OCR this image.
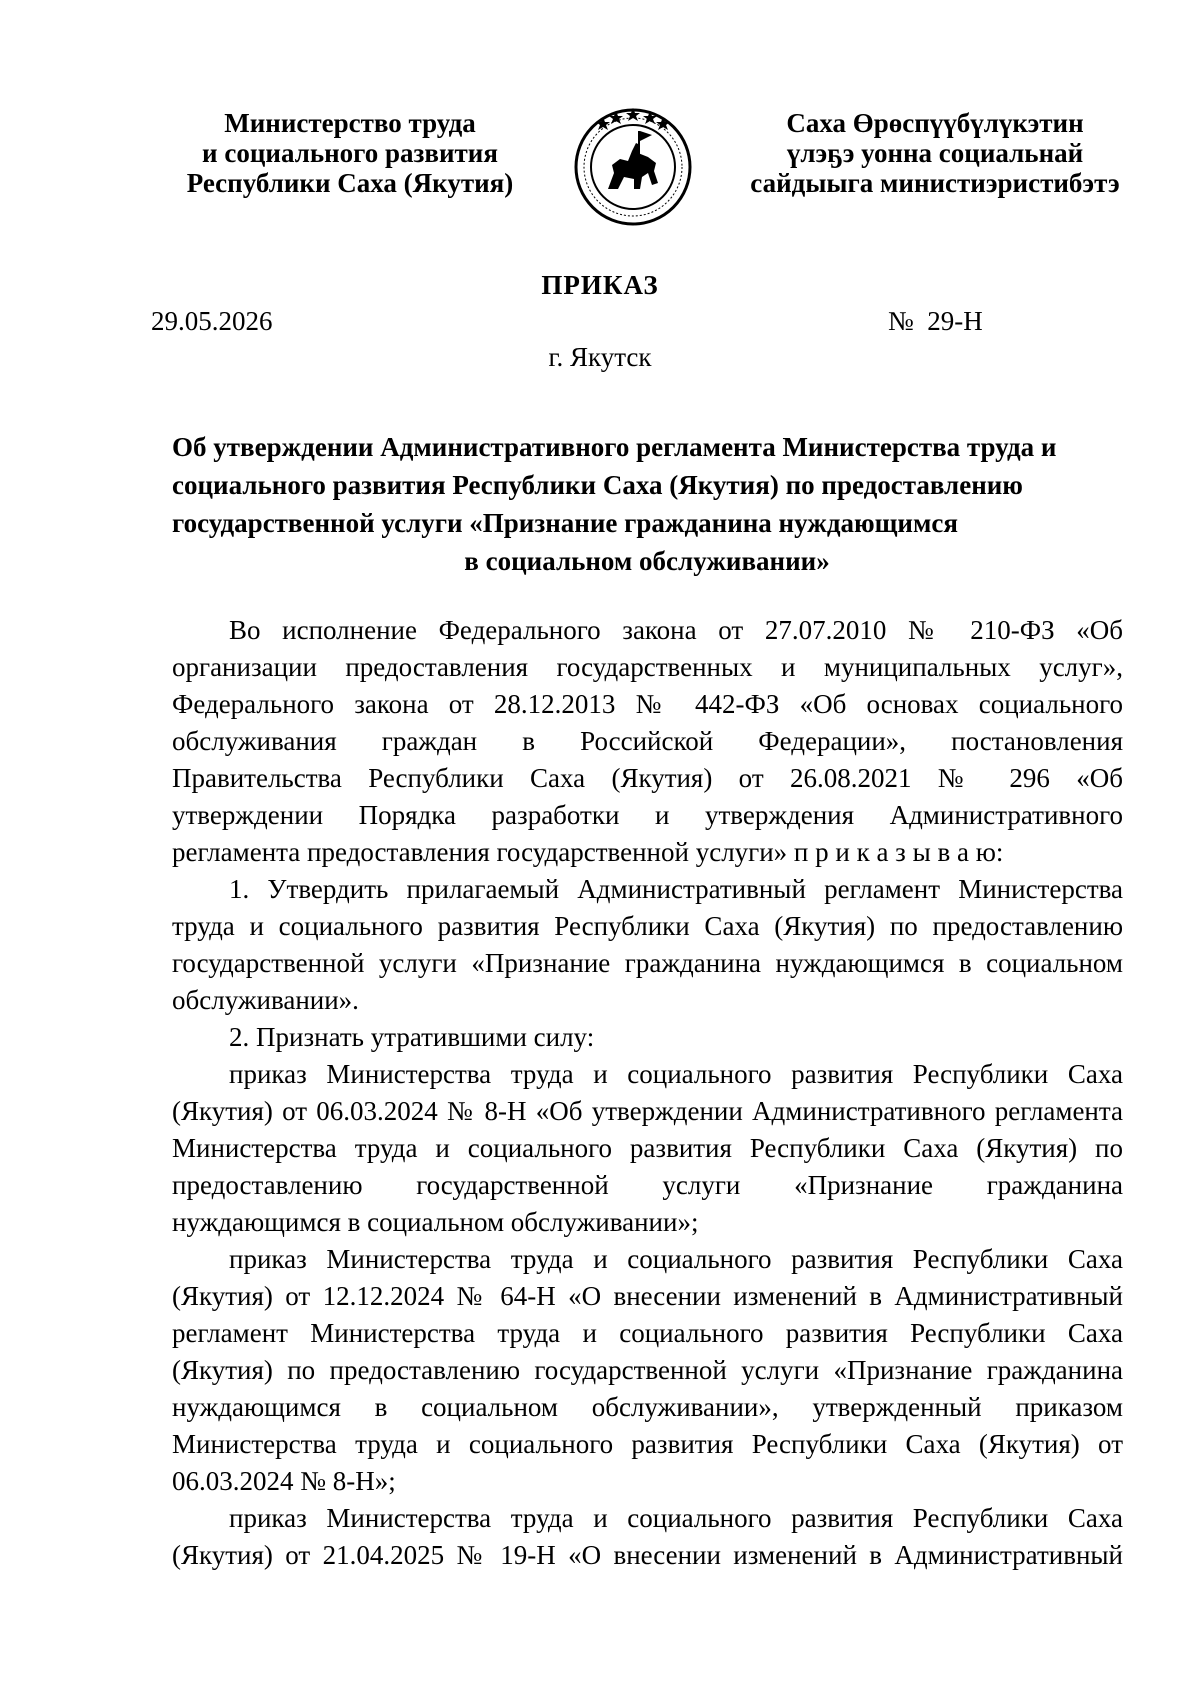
Министерство труда
и социального развития
Республики Саха (Якутия)
Саха Өрөспүүбүлүкэтин
үлэҕэ уонна социальнай
сайдыыга министиэристибэтэ
ПРИКАЗ
29.05.2026	№  29-Н
г. Якутск
Об утверждении Административного регламента Министерства труда и
социального развития Республики Саха (Якутия) по предоставлению
государственной услуги «Признание гражданина нуждающимся
в социальном обслуживании»
Во исполнение Федерального закона от 27.07.2010 № 210-ФЗ «Об
организации предоставления государственных и муниципальных услуг»,
Федерального закона от 28.12.2013 № 442-ФЗ «Об основах социального
обслуживания граждан в Российской Федерации», постановления
Правительства Республики Саха (Якутия) от 26.08.2021 № 296 «Об
утверждении Порядка разработки и утверждения Административного
регламента предоставления государственной услуги» п р и к а з ы в а ю:
1. Утвердить прилагаемый Административный регламент Министерства
труда и социального развития Республики Саха (Якутия) по предоставлению
государственной услуги «Признание гражданина нуждающимся в социальном
обслуживании».
2. Признать утратившими силу:
приказ Министерства труда и социального развития Республики Саха
(Якутия) от 06.03.2024 № 8-Н «Об утверждении Административного регламента
Министерства труда и социального развития Республики Саха (Якутия) по
предоставлению государственной услуги «Признание гражданина
нуждающимся в социальном обслуживании»;
приказ Министерства труда и социального развития Республики Саха
(Якутия) от 12.12.2024 № 64-Н «О внесении изменений в Административный
регламент Министерства труда и социального развития Республики Саха
(Якутия) по предоставлению государственной услуги «Признание гражданина
нуждающимся в социальном обслуживании», утвержденный приказом
Министерства труда и социального развития Республики Саха (Якутия) от
06.03.2024 № 8-Н»;
приказ Министерства труда и социального развития Республики Саха
(Якутия) от 21.04.2025 № 19-Н «О внесении изменений в Административный
